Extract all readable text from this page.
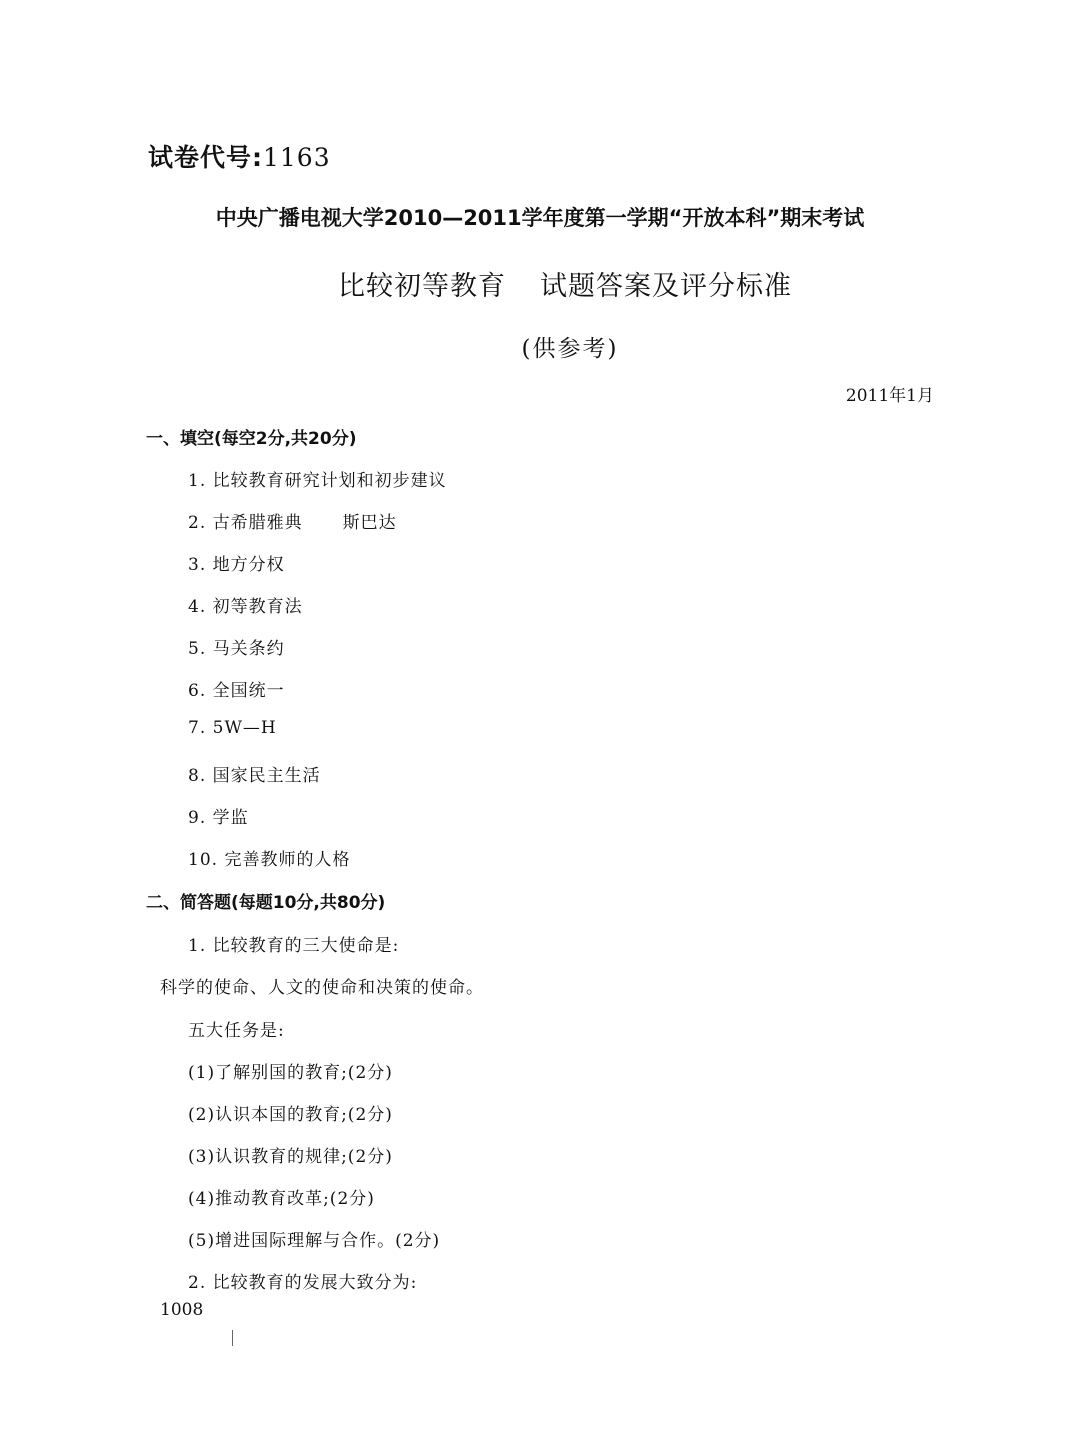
试卷代号:1163
中央广播电视大学2010—2011学年度第一学期“开放本科”期末考试
比较初等教育 试题答案及评分标准
(供参考)
2011年1月
一、填空(每空2分,共20分)
1. 比较教育研究计划和初步建议
2. 古希腊雅典 斯巴达
3. 地方分权
4. 初等教育法
5. 马关条约
6. 全国统一
7. 5W—H
8. 国家民主生活
9. 学监
10. 完善教师的人格
二、简答题(每题10分,共80分)
1. 比较教育的三大使命是:
科学的使命、人文的使命和决策的使命。
五大任务是:
(1)了解别国的教育;(2分)
(2)认识本国的教育;(2分)
(3)认识教育的规律;(2分)
(4)推动教育改革;(2分)
(5)增进国际理解与合作。(2分)
2. 比较教育的发展大致分为:
1008
